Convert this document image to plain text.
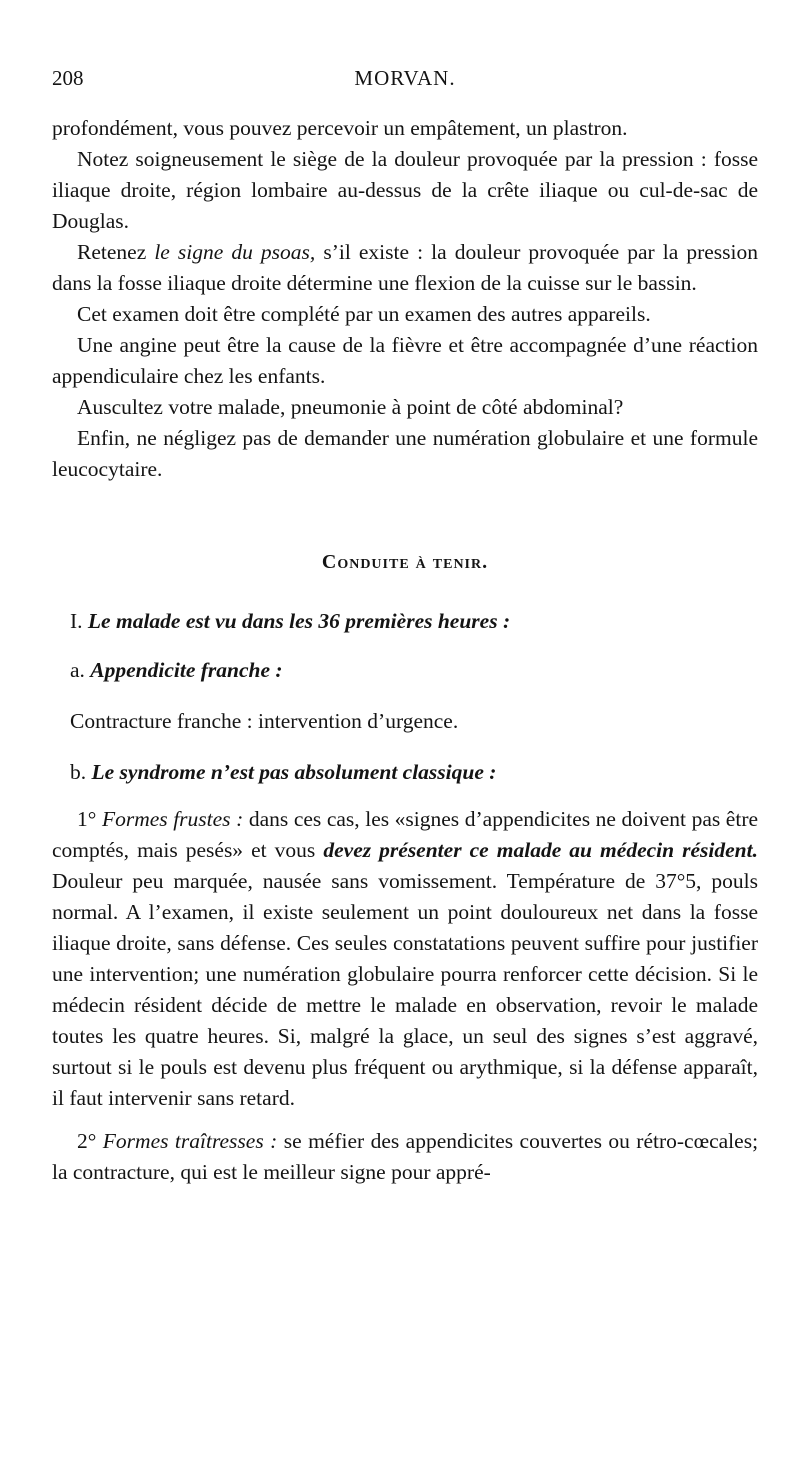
208	MORVAN.

profondément, vous pouvez percevoir un empâtement, un plastron.

Notez soigneusement le siège de la douleur provoquée par la pression : fosse iliaque droite, région lombaire au-dessus de la crête iliaque ou cul-de-sac de Douglas.

Retenez le signe du psoas, s’il existe : la douleur provoquée par la pression dans la fosse iliaque droite détermine une flexion de la cuisse sur le bassin.

Cet examen doit être complété par un examen des autres appareils.

Une angine peut être la cause de la fièvre et être accompagnée d’une réaction appendiculaire chez les enfants.

Auscultez votre malade, pneumonie à point de côté abdominal?

Enfin, ne négligez pas de demander une numération globulaire et une formule leucocytaire.

Conduite à tenir.

I. Le malade est vu dans les 36 premières heures :

a. Appendicite franche :

Contracture franche : intervention d’urgence.

b. Le syndrome n’est pas absolument classique :

1° Formes frustes : dans ces cas, les «signes d’appendicites ne doivent pas être comptés, mais pesés» et vous devez présenter ce malade au médecin résident. Douleur peu marquée, nausée sans vomissement. Température de 37°5, pouls normal. A l’examen, il existe seulement un point douloureux net dans la fosse iliaque droite, sans défense. Ces seules constatations peuvent suffire pour justifier une intervention; une numération globulaire pourra renforcer cette décision. Si le médecin résident décide de mettre le malade en observation, revoir le malade toutes les quatre heures. Si, malgré la glace, un seul des signes s’est aggravé, surtout si le pouls est devenu plus fréquent ou arythmique, si la défense apparaît, il faut intervenir sans retard.

2° Formes traîtresses : se méfier des appendicites couvertes ou rétro-cœcales; la contracture, qui est le meilleur signe pour appré-
